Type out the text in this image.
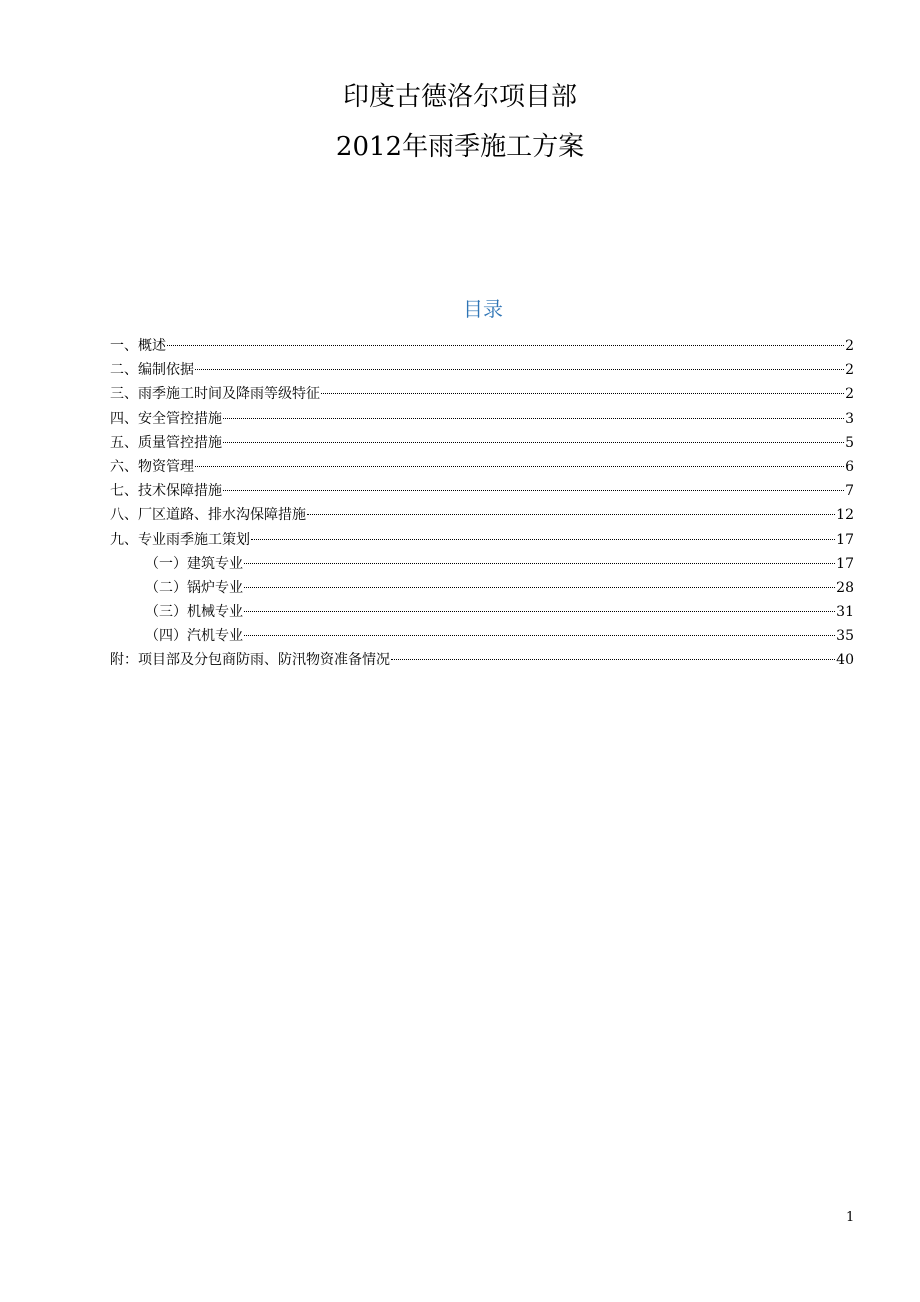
印度古德洛尔项目部
2012年雨季施工方案
目录
一、概述	2
二、编制依据	2
三、雨季施工时间及降雨等级特征	2
四、安全管控措施	3
五、质量管控措施	5
六、物资管理	6
七、技术保障措施	7
八、厂区道路、排水沟保障措施	12
九、专业雨季施工策划	17
（一）建筑专业	17
（二）锅炉专业	28
（三）机械专业	31
（四）汽机专业	35
附：项目部及分包商防雨、防汛物资准备情况	40
1
